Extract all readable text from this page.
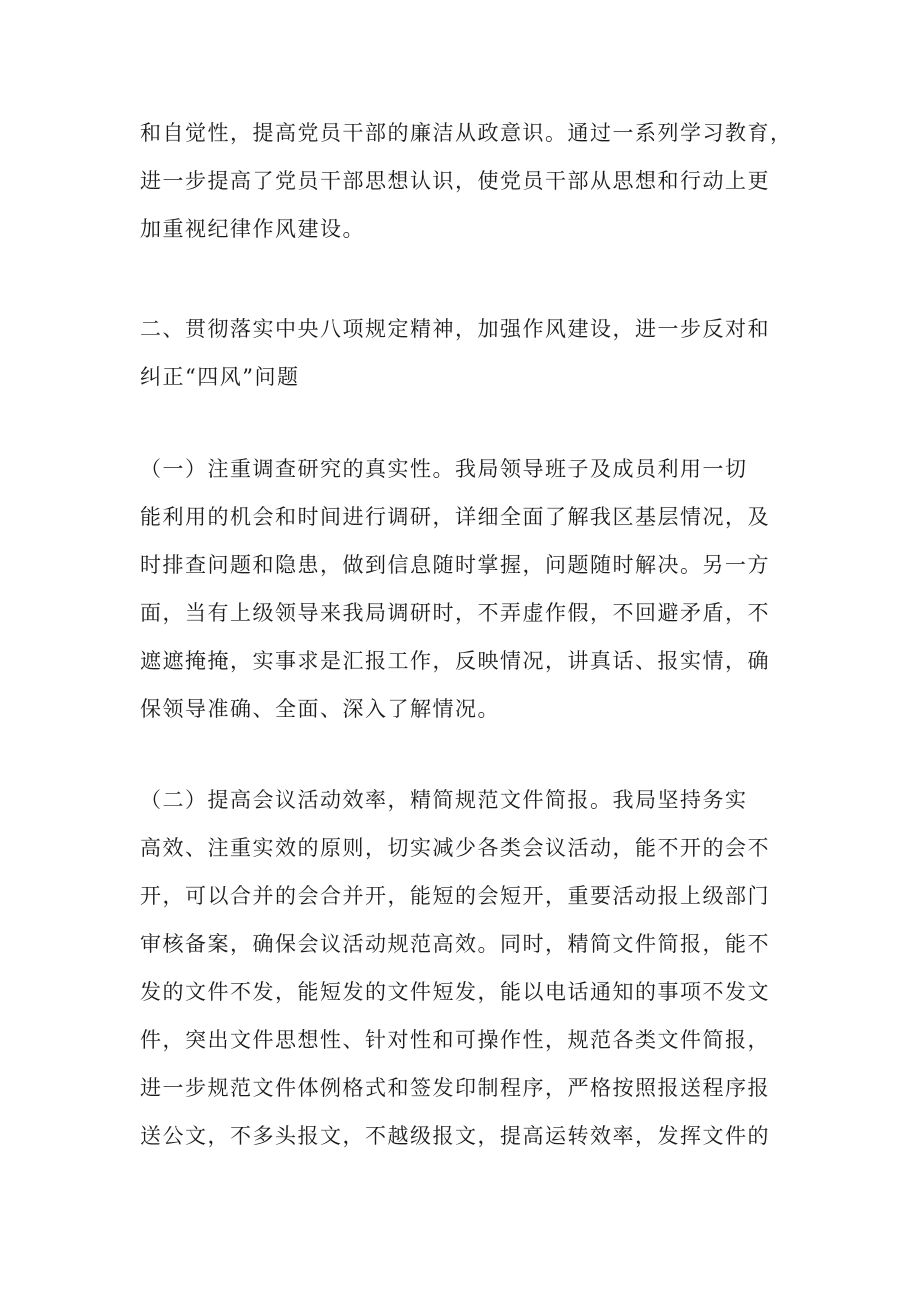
和自觉性，提高党员干部的廉洁从政意识。通过一系列学习教育，
进一步提高了党员干部思想认识，使党员干部从思想和行动上更
加重视纪律作风建设。

二、贯彻落实中央八项规定精神，加强作风建设，进一步反对和
纠正“四风”问题

（一）注重调查研究的真实性。我局领导班子及成员利用一切
能利用的机会和时间进行调研，详细全面了解我区基层情况，及
时排查问题和隐患，做到信息随时掌握，问题随时解决。另一方
面，当有上级领导来我局调研时，不弄虚作假，不回避矛盾，不
遮遮掩掩，实事求是汇报工作，反映情况，讲真话、报实情，确
保领导准确、全面、深入了解情况。

（二）提高会议活动效率，精简规范文件简报。我局坚持务实
高效、注重实效的原则，切实减少各类会议活动，能不开的会不
开，可以合并的会合并开，能短的会短开，重要活动报上级部门
审核备案，确保会议活动规范高效。同时，精简文件简报，能不
发的文件不发，能短发的文件短发，能以电话通知的事项不发文
件，突出文件思想性、针对性和可操作性，规范各类文件简报，
进一步规范文件体例格式和签发印制程序，严格按照报送程序报
送公文，不多头报文，不越级报文，提高运转效率，发挥文件的
